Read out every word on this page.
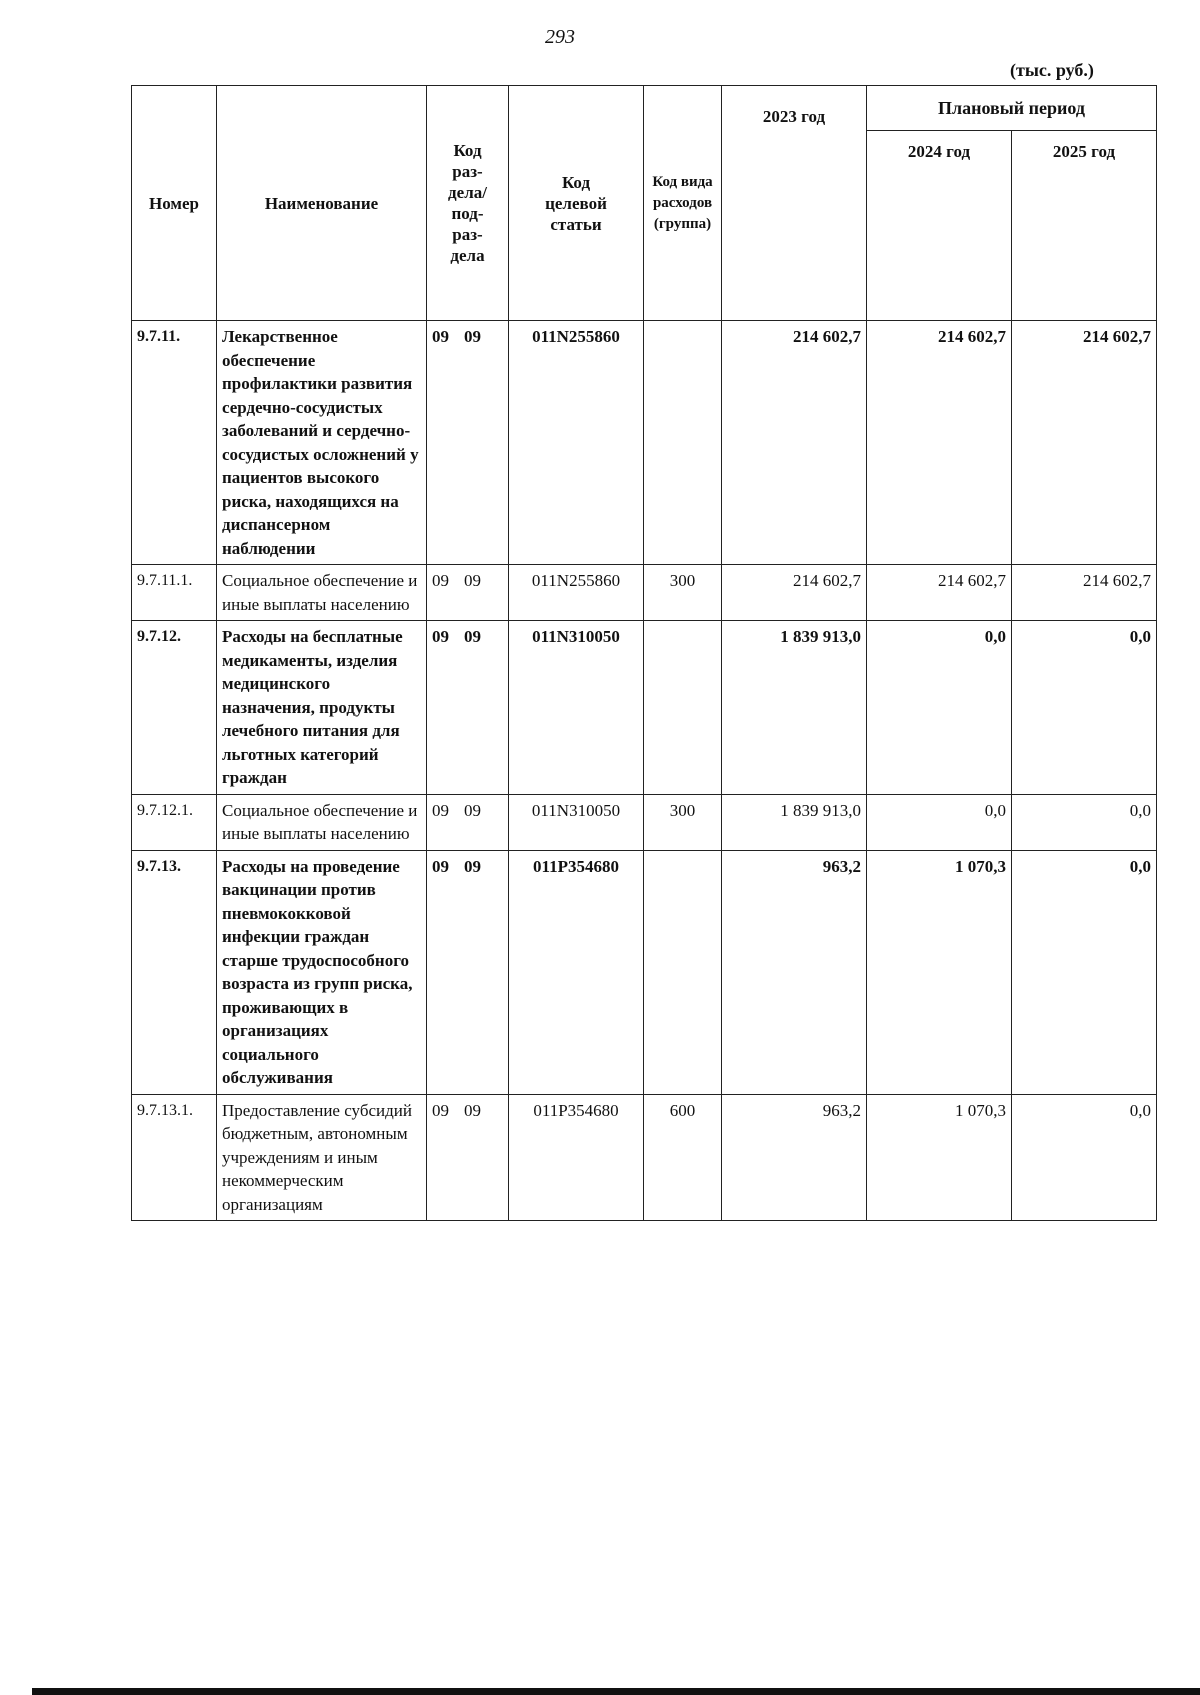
293
(тыс. руб.)
Номер	Наименование	Код раз-дела/ под-раз-дела	Код целевой статьи	Код вида расходов (группа)	2023 год	Плановый период	
						2024 год	2025 год
9.7.11.	Лекарственное обеспечение профилактики развития сердечно-сосудистых заболеваний и сердечно-сосудистых осложнений у пациентов высокого риска, находящихся на диспансерном наблюдении	09 09	011N255860		214 602,7	214 602,7	214 602,7
9.7.11.1.	Социальное обеспечение и иные выплаты населению	09 09	011N255860	300	214 602,7	214 602,7	214 602,7
9.7.12.	Расходы на бесплатные медикаменты, изделия медицинского назначения, продукты лечебного питания для льготных категорий граждан	09 09	011N310050		1 839 913,0	0,0	0,0
9.7.12.1.	Социальное обеспечение и иные выплаты населению	09 09	011N310050	300	1 839 913,0	0,0	0,0
9.7.13.	Расходы на проведение вакцинации против пневмококковой инфекции граждан старше трудоспособного возраста из групп риска, проживающих в организациях социального обслуживания	09 09	011P354680		963,2	1 070,3	0,0
9.7.13.1.	Предоставление субсидий бюджетным, автономным учреждениям и иным некоммерческим организациям	09 09	011P354680	600	963,2	1 070,3	0,0
